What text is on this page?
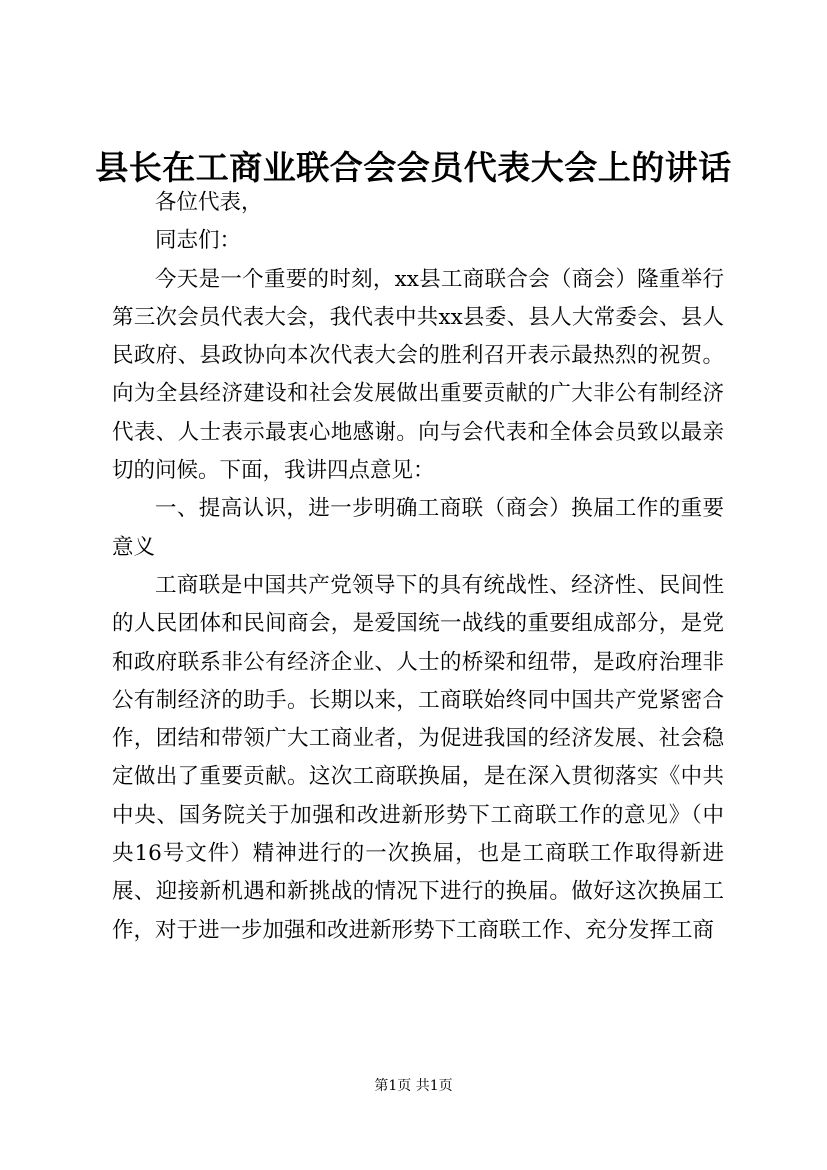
县长在工商业联合会会员代表大会上的讲话

各位代表，

同志们：

今天是一个重要的时刻，xx县工商联合会（商会）隆重举行第三次会员代表大会，我代表中共xx县委、县人大常委会、县人民政府、县政协向本次代表大会的胜利召开表示最热烈的祝贺。向为全县经济建设和社会发展做出重要贡献的广大非公有制经济代表、人士表示最衷心地感谢。向与会代表和全体会员致以最亲切的问候。下面，我讲四点意见：

一、提高认识，进一步明确工商联（商会）换届工作的重要意义

工商联是中国共产党领导下的具有统战性、经济性、民间性的人民团体和民间商会，是爱国统一战线的重要组成部分，是党和政府联系非公有经济企业、人士的桥梁和纽带，是政府治理非公有制经济的助手。长期以来，工商联始终同中国共产党紧密合作，团结和带领广大工商业者，为促进我国的经济发展、社会稳定做出了重要贡献。这次工商联换届，是在深入贯彻落实《中共中央、国务院关于加强和改进新形势下工商联工作的意见》（中央16号文件）精神进行的一次换届，也是工商联工作取得新进展、迎接新机遇和新挑战的情况下进行的换届。做好这次换届工作，对于进一步加强和改进新形势下工商联工作、充分发挥工商

第1页 共1页
